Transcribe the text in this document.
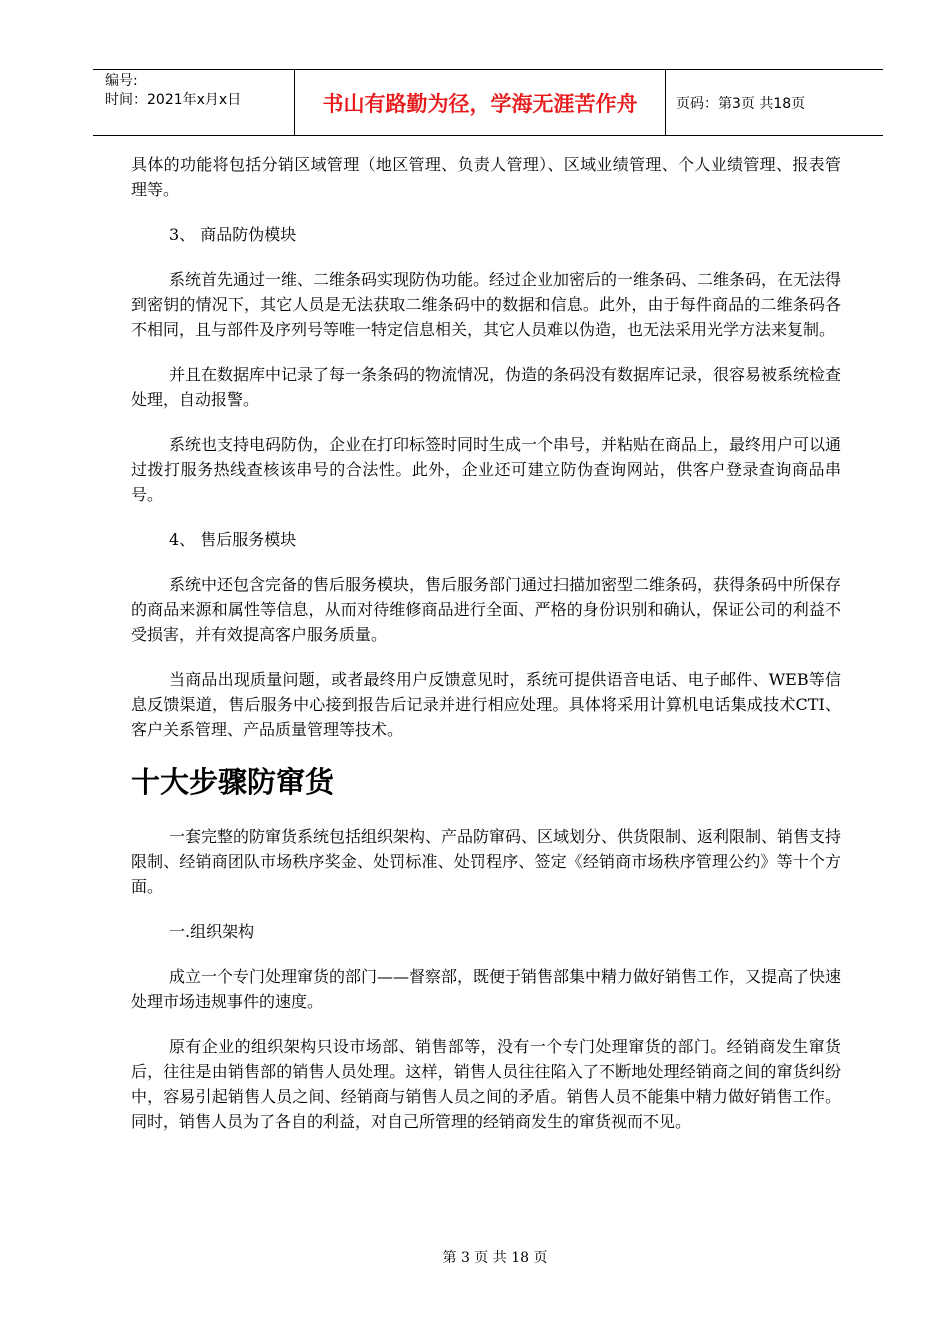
编号:
时间：2021年x月x日	书山有路勤为径，学海无涯苦作舟	页码：第3页 共18页

具体的功能将包括分销区域管理（地区管理、负责人管理）、区域业绩管理、个人业绩管理、报表管理等。

3、 商品防伪模块

系统首先通过一维、二维条码实现防伪功能。经过企业加密后的一维条码、二维条码，在无法得到密钥的情况下，其它人员是无法获取二维条码中的数据和信息。此外，由于每件商品的二维条码各不相同，且与部件及序列号等唯一特定信息相关，其它人员难以伪造，也无法采用光学方法来复制。

并且在数据库中记录了每一条条码的物流情况，伪造的条码没有数据库记录，很容易被系统检查处理，自动报警。

系统也支持电码防伪，企业在打印标签时同时生成一个串号，并粘贴在商品上，最终用户可以通过拨打服务热线查核该串号的合法性。此外，企业还可建立防伪查询网站，供客户登录查询商品串号。

4、 售后服务模块

系统中还包含完备的售后服务模块，售后服务部门通过扫描加密型二维条码，获得条码中所保存的商品来源和属性等信息，从而对待维修商品进行全面、严格的身份识别和确认，保证公司的利益不受损害，并有效提高客户服务质量。

当商品出现质量问题，或者最终用户反馈意见时，系统可提供语音电话、电子邮件、WEB等信息反馈渠道，售后服务中心接到报告后记录并进行相应处理。具体将采用计算机电话集成技术CTI、客户关系管理、产品质量管理等技术。

十大步骤防窜货

一套完整的防窜货系统包括组织架构、产品防窜码、区域划分、供货限制、返利限制、销售支持限制、经销商团队市场秩序奖金、处罚标准、处罚程序、签定《经销商市场秩序管理公约》等十个方面。

一.组织架构

成立一个专门处理窜货的部门——督察部，既便于销售部集中精力做好销售工作，又提高了快速处理市场违规事件的速度。

原有企业的组织架构只设市场部、销售部等，没有一个专门处理窜货的部门。经销商发生窜货后，往往是由销售部的销售人员处理。这样，销售人员往往陷入了不断地处理经销商之间的窜货纠纷中，容易引起销售人员之间、经销商与销售人员之间的矛盾。销售人员不能集中精力做好销售工作。同时，销售人员为了各自的利益，对自己所管理的经销商发生的窜货视而不见。

第 3 页 共 18 页
